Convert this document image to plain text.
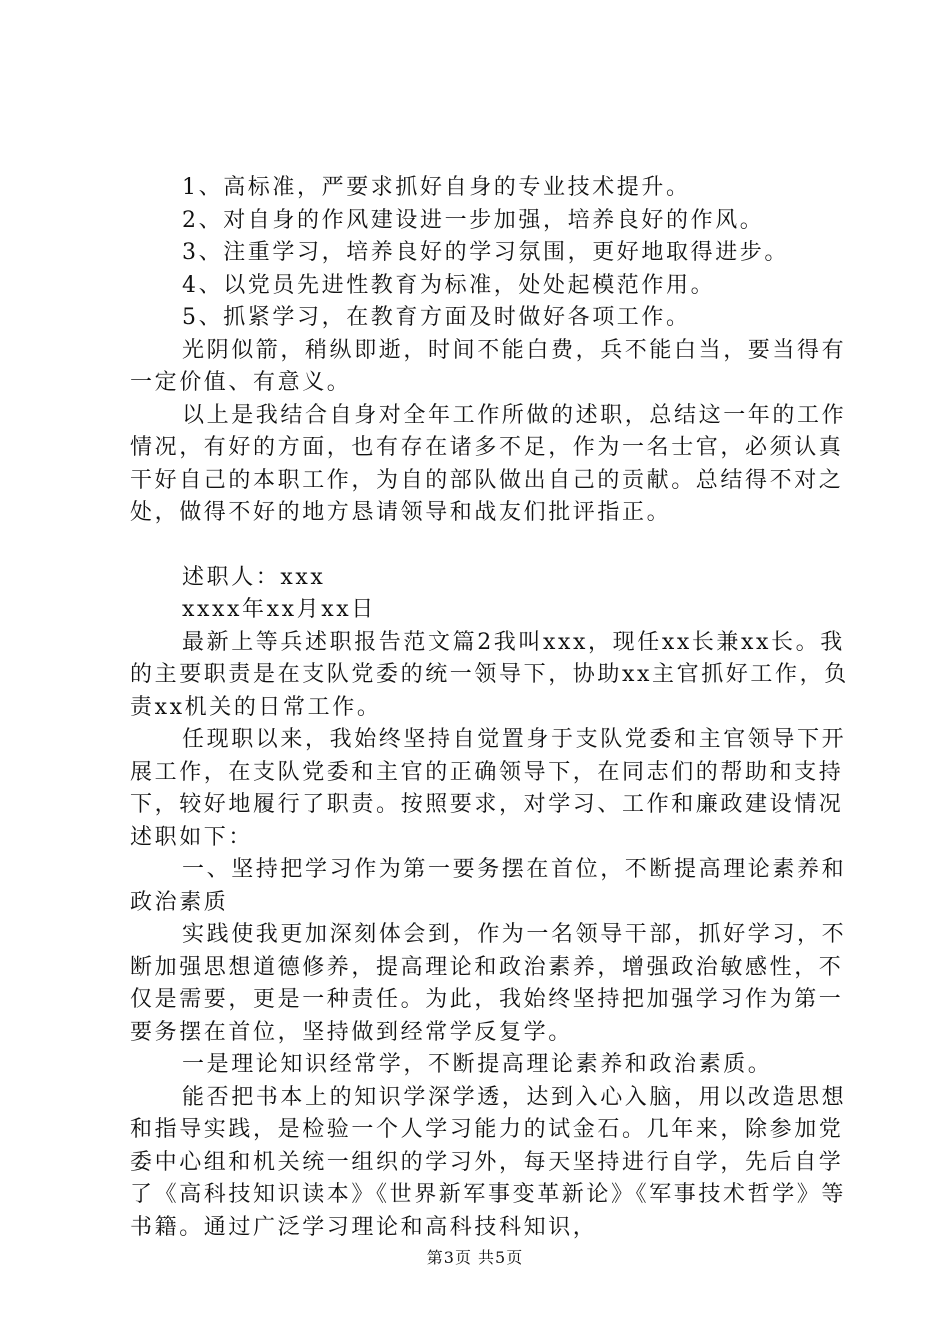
1、高标准，严要求抓好自身的专业技术提升。

2、对自身的作风建设进一步加强，培养良好的作风。

3、注重学习，培养良好的学习氛围，更好地取得进步。

4、以党员先进性教育为标准，处处起模范作用。

5、抓紧学习，在教育方面及时做好各项工作。

光阴似箭，稍纵即逝，时间不能白费，兵不能白当，要当得有一定价值、有意义。

以上是我结合自身对全年工作所做的述职，总结这一年的工作情况，有好的方面，也有存在诸多不足，作为一名士官，必须认真干好自己的本职工作，为自的部队做出自己的贡献。总结得不对之处，做得不好的地方恳请领导和战友们批评指正。

述职人：xxx

xxxx年xx月xx日

最新上等兵述职报告范文篇2我叫xxx，现任xx长兼xx长。我的主要职责是在支队党委的统一领导下，协助xx主官抓好工作，负责xx机关的日常工作。

任现职以来，我始终坚持自觉置身于支队党委和主官领导下开展工作，在支队党委和主官的正确领导下，在同志们的帮助和支持下，较好地履行了职责。按照要求，对学习、工作和廉政建设情况述职如下：

一、坚持把学习作为第一要务摆在首位，不断提高理论素养和政治素质

实践使我更加深刻体会到，作为一名领导干部，抓好学习，不断加强思想道德修养，提高理论和政治素养，增强政治敏感性，不仅是需要，更是一种责任。为此，我始终坚持把加强学习作为第一要务摆在首位，坚持做到经常学反复学。

一是理论知识经常学，不断提高理论素养和政治素质。

能否把书本上的知识学深学透，达到入心入脑，用以改造思想和指导实践，是检验一个人学习能力的试金石。几年来，除参加党委中心组和机关统一组织的学习外，每天坚持进行自学，先后自学了《高科技知识读本》《世界新军事变革新论》《军事技术哲学》等书籍。通过广泛学习理论和高科技科知识，

第3页 共5页
